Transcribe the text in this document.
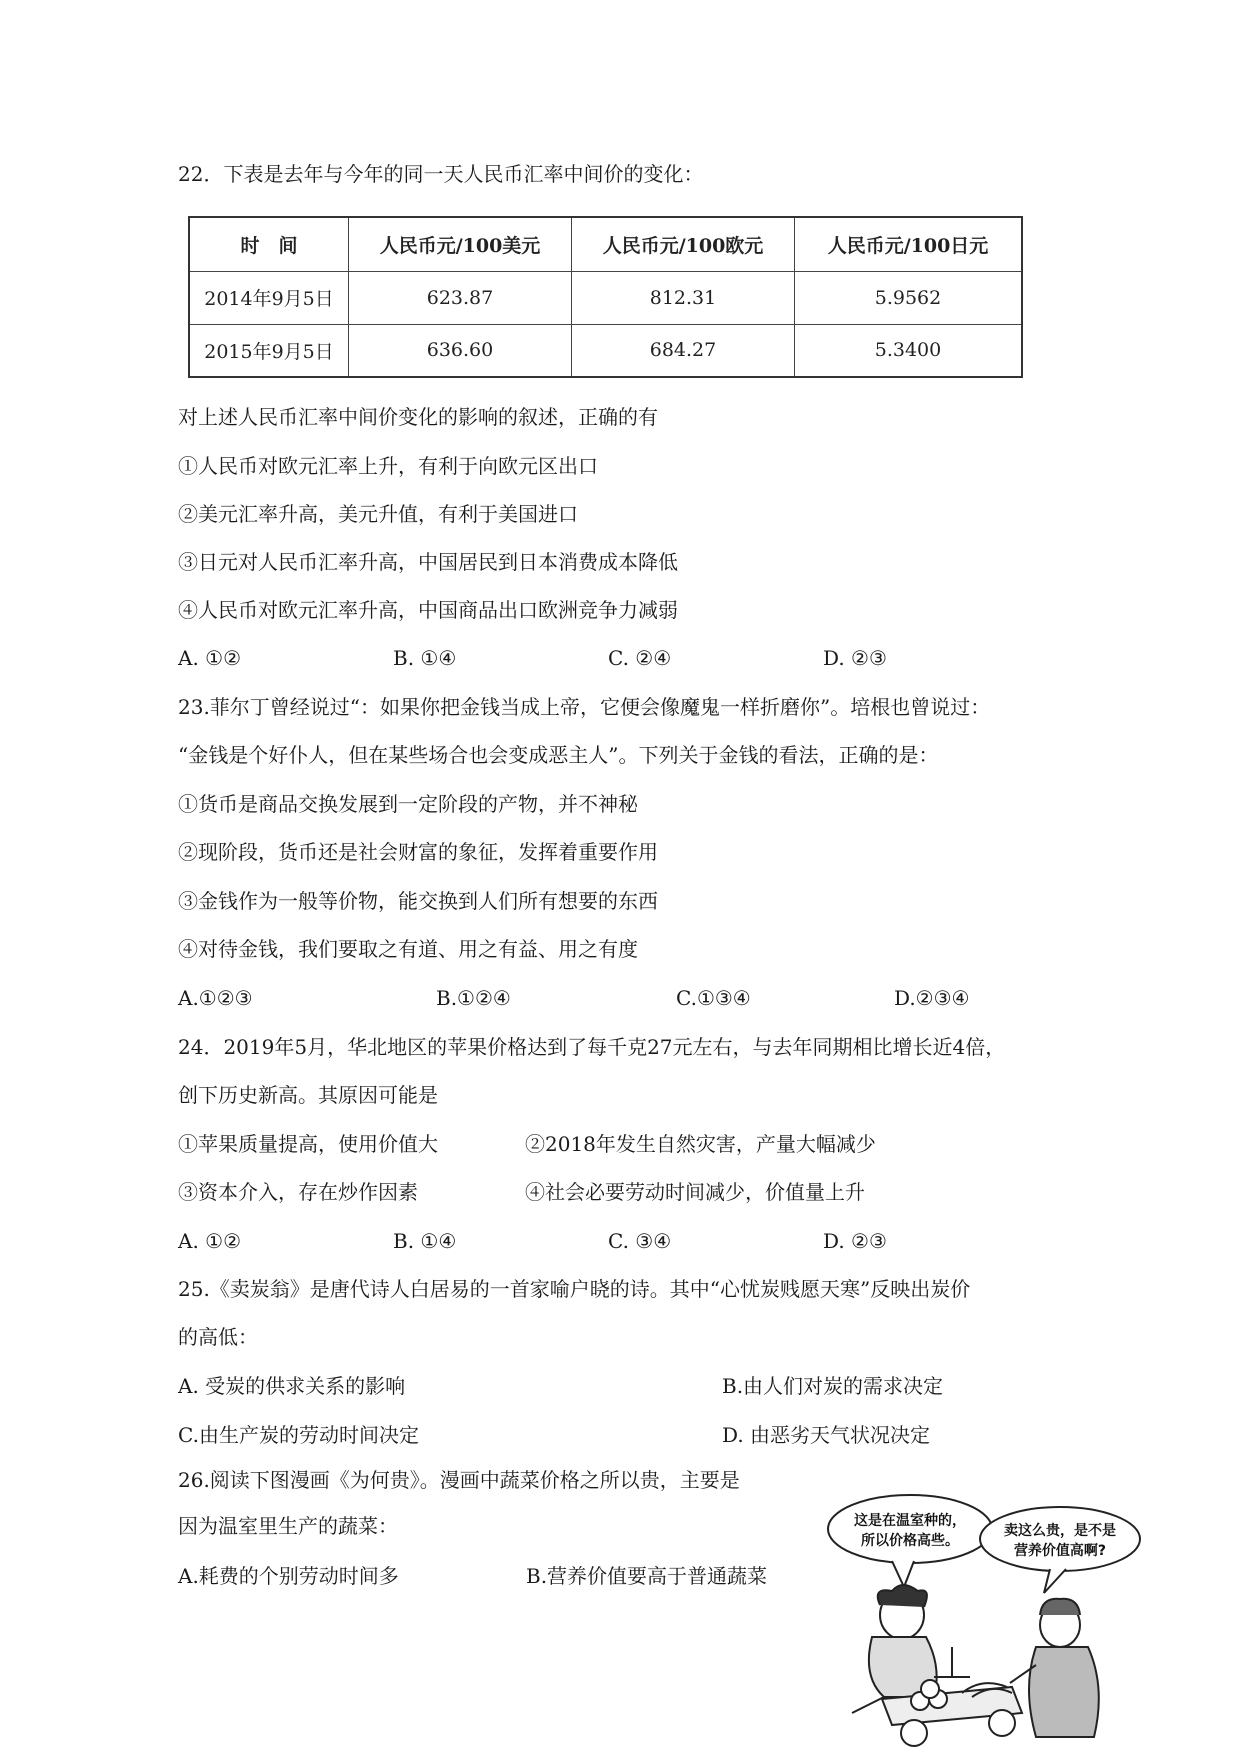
22．下表是去年与今年的同一天人民币汇率中间价的变化：
时　间	人民币元/100美元	人民币元/100欧元	人民币元/100日元
2014年9月5日	623.87	812.31	5.9562
2015年9月5日	636.60	684.27	5.3400
对上述人民币汇率中间价变化的影响的叙述，正确的有
①人民币对欧元汇率上升，有利于向欧元区出口
②美元汇率升高，美元升值，有利于美国进口
③日元对人民币汇率升高，中国居民到日本消费成本降低
④人民币对欧元汇率升高，中国商品出口欧洲竞争力减弱
A. ①②	B. ①④	C. ②④	D. ②③
23.菲尔丁曾经说过“：如果你把金钱当成上帝，它便会像魔鬼一样折磨你”。培根也曾说过：
“金钱是个好仆人，但在某些场合也会变成恶主人”。下列关于金钱的看法，正确的是：
①货币是商品交换发展到一定阶段的产物，并不神秘
②现阶段，货币还是社会财富的象征，发挥着重要作用
③金钱作为一般等价物，能交换到人们所有想要的东西
④对待金钱，我们要取之有道、用之有益、用之有度
A.①②③	B.①②④	C.①③④	D.②③④
24．2019年5月，华北地区的苹果价格达到了每千克27元左右，与去年同期相比增长近4倍，
创下历史新高。其原因可能是
①苹果质量提高，使用价值大	②2018年发生自然灾害，产量大幅减少
③资本介入，存在炒作因素	④社会必要劳动时间减少，价值量上升
A. ①②	B. ①④	C. ③④	D. ②③
25.《卖炭翁》是唐代诗人白居易的一首家喻户晓的诗。其中“心忧炭贱愿天寒”反映出炭价
的高低：
A. 受炭的供求关系的影响	B.由人们对炭的需求决定
C.由生产炭的劳动时间决定	D. 由恶劣天气状况决定
26.阅读下图漫画《为何贵》。漫画中蔬菜价格之所以贵，主要是
因为温室里生产的蔬菜：
A.耗费的个别劳动时间多	B.营养价值要高于普通蔬菜
这是在温室种的，
所以价格高些。
卖这么贵，是不是
营养价值高啊?
